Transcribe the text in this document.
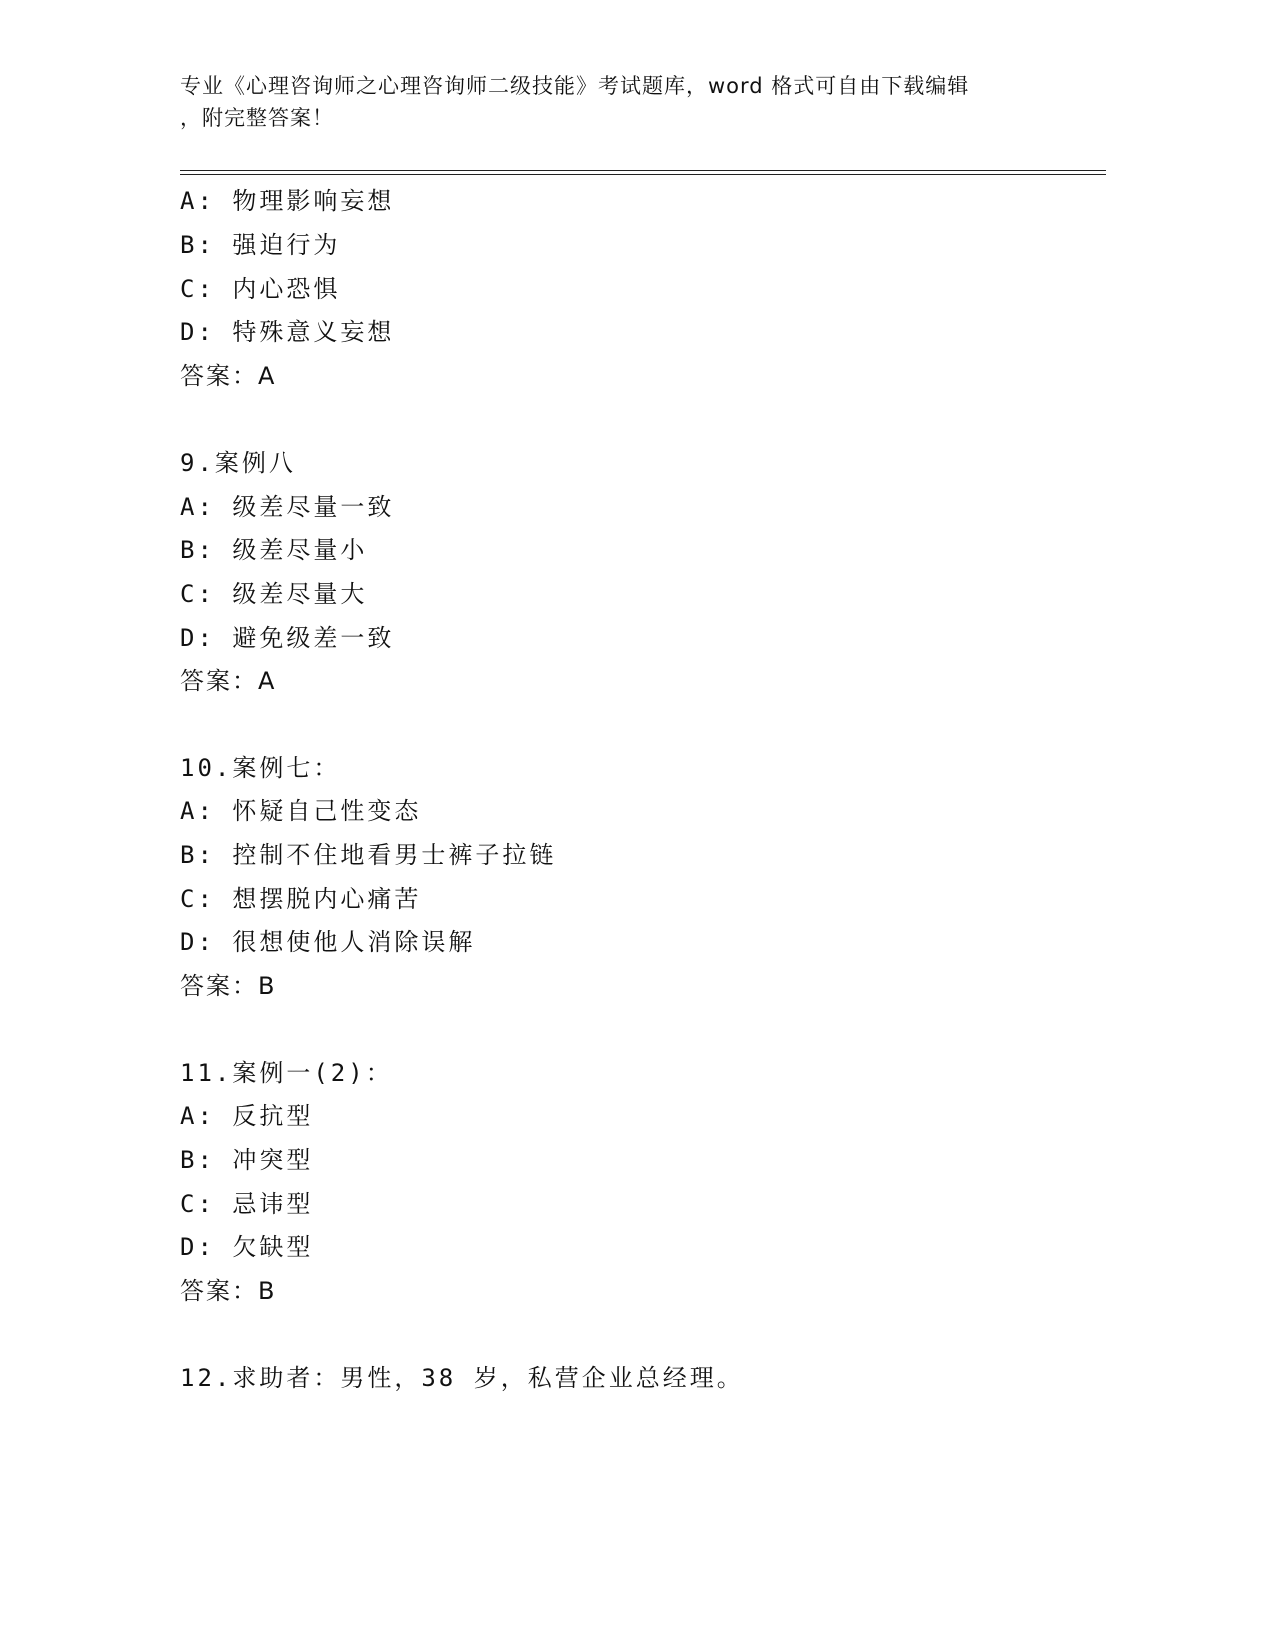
专业《心理咨询师之心理咨询师二级技能》考试题库，word 格式可自由下载编辑
，附完整答案！
A: 物理影响妄想
B: 强迫行为
C: 内心恐惧
D: 特殊意义妄想
答案：A
9.案例八
A: 级差尽量一致
B: 级差尽量小
C: 级差尽量大
D: 避免级差一致
答案：A
10.案例七：
A: 怀疑自己性变态
B: 控制不住地看男士裤子拉链
C: 想摆脱内心痛苦
D: 很想使他人消除误解
答案：B
11.案例一(2)：
A: 反抗型
B: 冲突型
C: 忌讳型
D: 欠缺型
答案：B
12.求助者：男性，38 岁，私营企业总经理。
